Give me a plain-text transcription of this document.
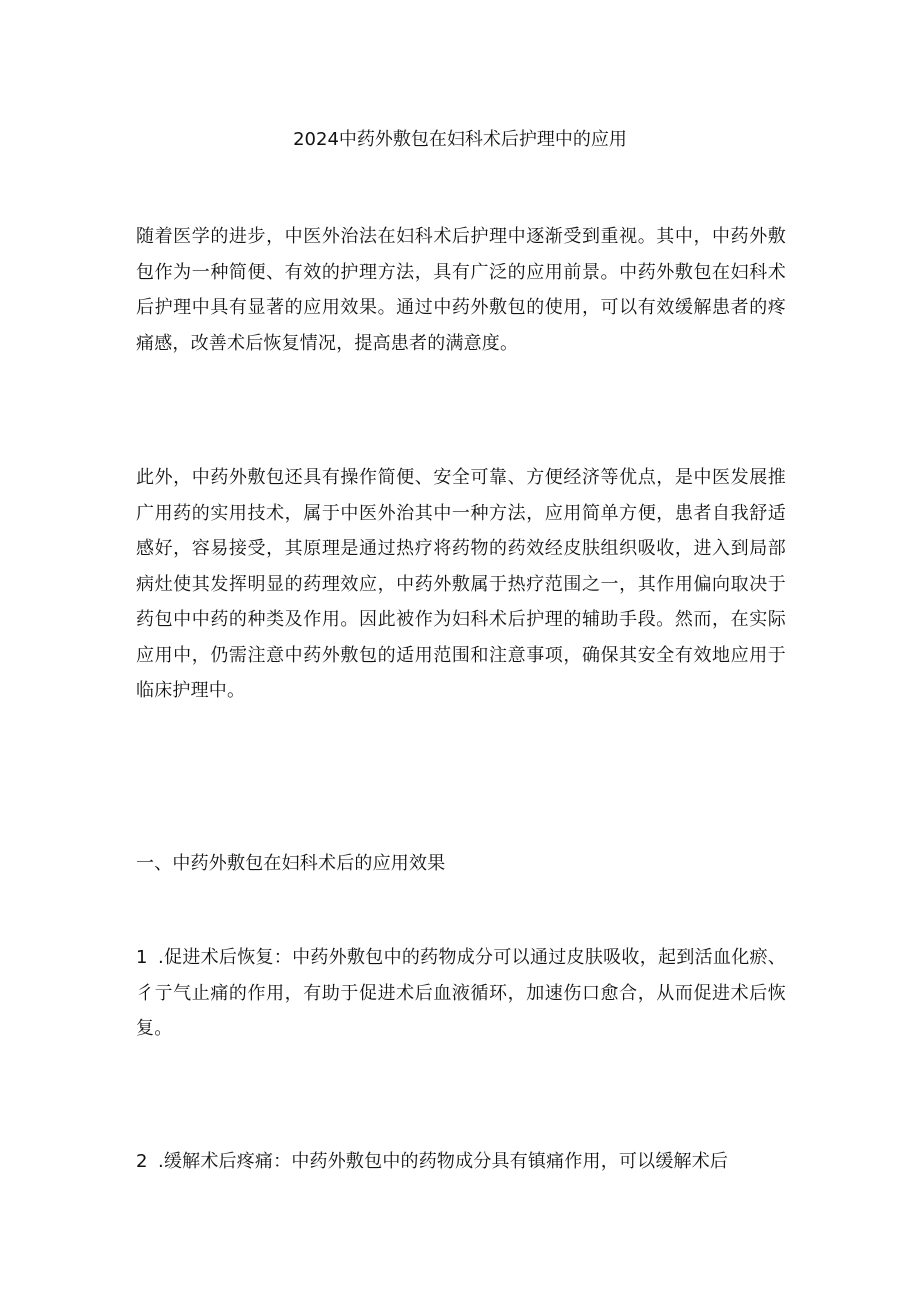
2024中药外敷包在妇科术后护理中的应用

随着医学的进步，中医外治法在妇科术后护理中逐渐受到重视。其中，中药外敷包作为一种简便、有效的护理方法，具有广泛的应用前景。中药外敷包在妇科术后护理中具有显著的应用效果。通过中药外敷包的使用，可以有效缓解患者的疼痛感，改善术后恢复情况，提高患者的满意度。

此外，中药外敷包还具有操作简便、安全可靠、方便经济等优点，是中医发展推广用药的实用技术，属于中医外治其中一种方法，应用简单方便，患者自我舒适感好，容易接受，其原理是通过热疗将药物的药效经皮肤组织吸收，进入到局部病灶使其发挥明显的药理效应，中药外敷属于热疗范围之一，其作用偏向取决于药包中中药的种类及作用。因此被作为妇科术后护理的辅助手段。然而，在实际应用中，仍需注意中药外敷包的适用范围和注意事项，确保其安全有效地应用于临床护理中。

一、中药外敷包在妇科术后的应用效果

1 .促进术后恢复：中药外敷包中的药物成分可以通过皮肤吸收，起到活血化瘀、彳亍气止痛的作用，有助于促进术后血液循环，加速伤口愈合，从而促进术后恢复。

2 .缓解术后疼痛：中药外敷包中的药物成分具有镇痛作用，可以缓解术后
